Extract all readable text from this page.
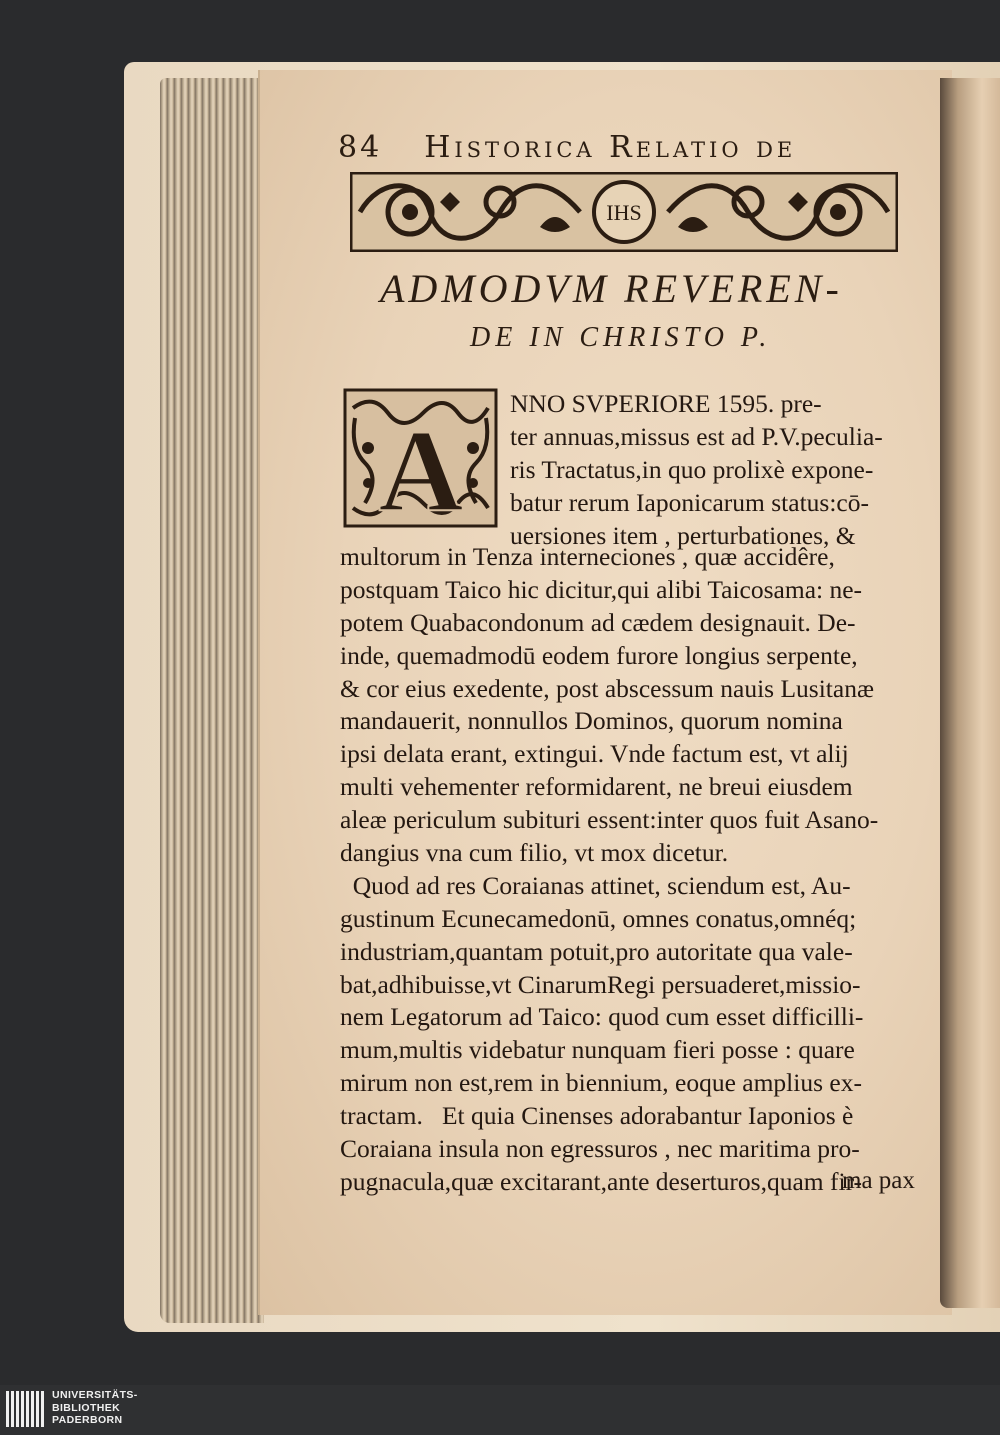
84 Historica Relatio de
IHS
ADMODVM REVEREN-
DE IN CHRISTO P.
A
NNO SVPERIORE 1595. pre-
ter annuas,missus est ad P.V.peculia-
ris Tractatus,in quo prolixè expone-
batur rerum Iaponicarum status:cō-
uersiones item , perturbationes, &
multorum in Tenza interneciones , quæ accidêre,
postquam Taico hic dicitur,qui alibi Taicosama: ne-
potem Quabacondonum ad cædem designauit. De-
inde, quemadmodū eodem furore longius serpente,
& cor eius exedente, post abscessum nauis Lusitanæ
mandauerit, nonnullos Dominos, quorum nomina
ipsi delata erant, extingui. Vnde factum est, vt alij
multi vehementer reformidarent, ne breui eiusdem
aleæ periculum subituri essent:inter quos fuit Asano-
dangius vna cum filio, vt mox dicetur.
Quod ad res Coraianas attinet, sciendum est, Au-
gustinum Ecunecamedonū, omnes conatus,omnéq;
industriam,quantam potuit,pro autoritate qua vale-
bat,adhibuisse,vt CinarumRegi persuaderet,missio-
nem Legatorum ad Taico: quod cum esset difficilli-
mum,multis videbatur nunquam fieri posse : quare
mirum non est,rem in biennium, eoque amplius ex-
tractam.   Et quia Cinenses adorabantur Iaponios è
Coraiana insula non egressuros , nec maritima pro-
pugnacula,quæ excitarant,ante deserturos,quam fir-
ma pax
UNIVERSITÄTS-
BIBLIOTHEK
PADERBORN
